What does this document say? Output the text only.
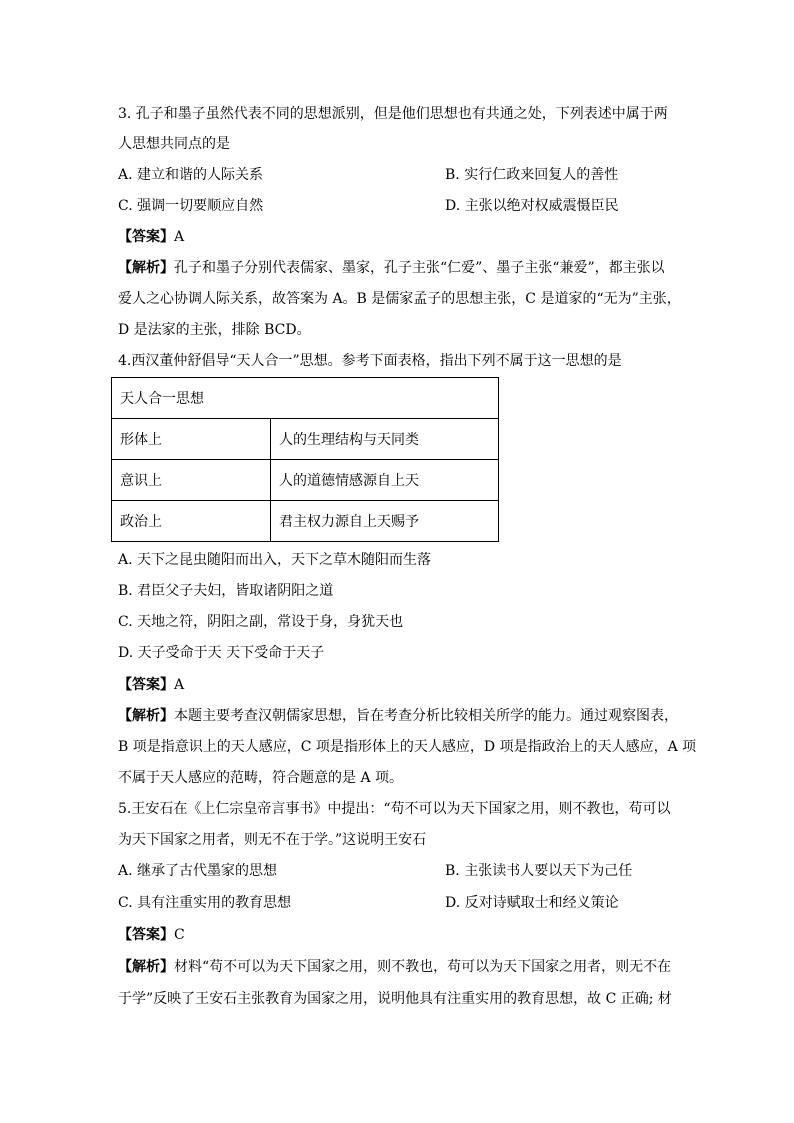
3. 孔子和墨子虽然代表不同的思想派别，但是他们思想也有共通之处，下列表述中属于两
人思想共同点的是
A. 建立和谐的人际关系	B. 实行仁政来回复人的善性
C. 强调一切要顺应自然	D. 主张以绝对权威震慑臣民
【答案】A
【解析】孔子和墨子分别代表儒家、墨家，孔子主张“仁爱”、墨子主张“兼爱”，都主张以
爱人之心协调人际关系，故答案为 A。B 是儒家孟子的思想主张，C 是道家的“无为”主张，
D 是法家的主张，排除 BCD。
4.西汉董仲舒倡导“天人合一”思想。参考下面表格，指出下列不属于这一思想的是
天人合一思想	
形体上	人的生理结构与天同类
意识上	人的道德情感源自上天
政治上	君主权力源自上天赐予
A. 天下之昆虫随阳而出入，天下之草木随阳而生落
B. 君臣父子夫妇，皆取诸阴阳之道
C. 天地之符，阴阳之副，常设于身，身犹天也
D. 天子受命于天 天下受命于天子
【答案】A
【解析】本题主要考查汉朝儒家思想，旨在考查分析比较相关所学的能力。通过观察图表，
B 项是指意识上的天人感应，C 项是指形体上的天人感应，D 项是指政治上的天人感应，A 项
不属于天人感应的范畴，符合题意的是 A 项。
5.王安石在《上仁宗皇帝言事书》中提出：“苟不可以为天下国家之用，则不教也，苟可以
为天下国家之用者，则无不在于学。”这说明王安石
A. 继承了古代墨家的思想	B. 主张读书人要以天下为己任
C. 具有注重实用的教育思想	D. 反对诗赋取士和经义策论
【答案】C
【解析】材料“苟不可以为天下国家之用，则不教也，苟可以为天下国家之用者，则无不在
于学”反映了王安石主张教育为国家之用，说明他具有注重实用的教育思想，故 C 正确; 材
